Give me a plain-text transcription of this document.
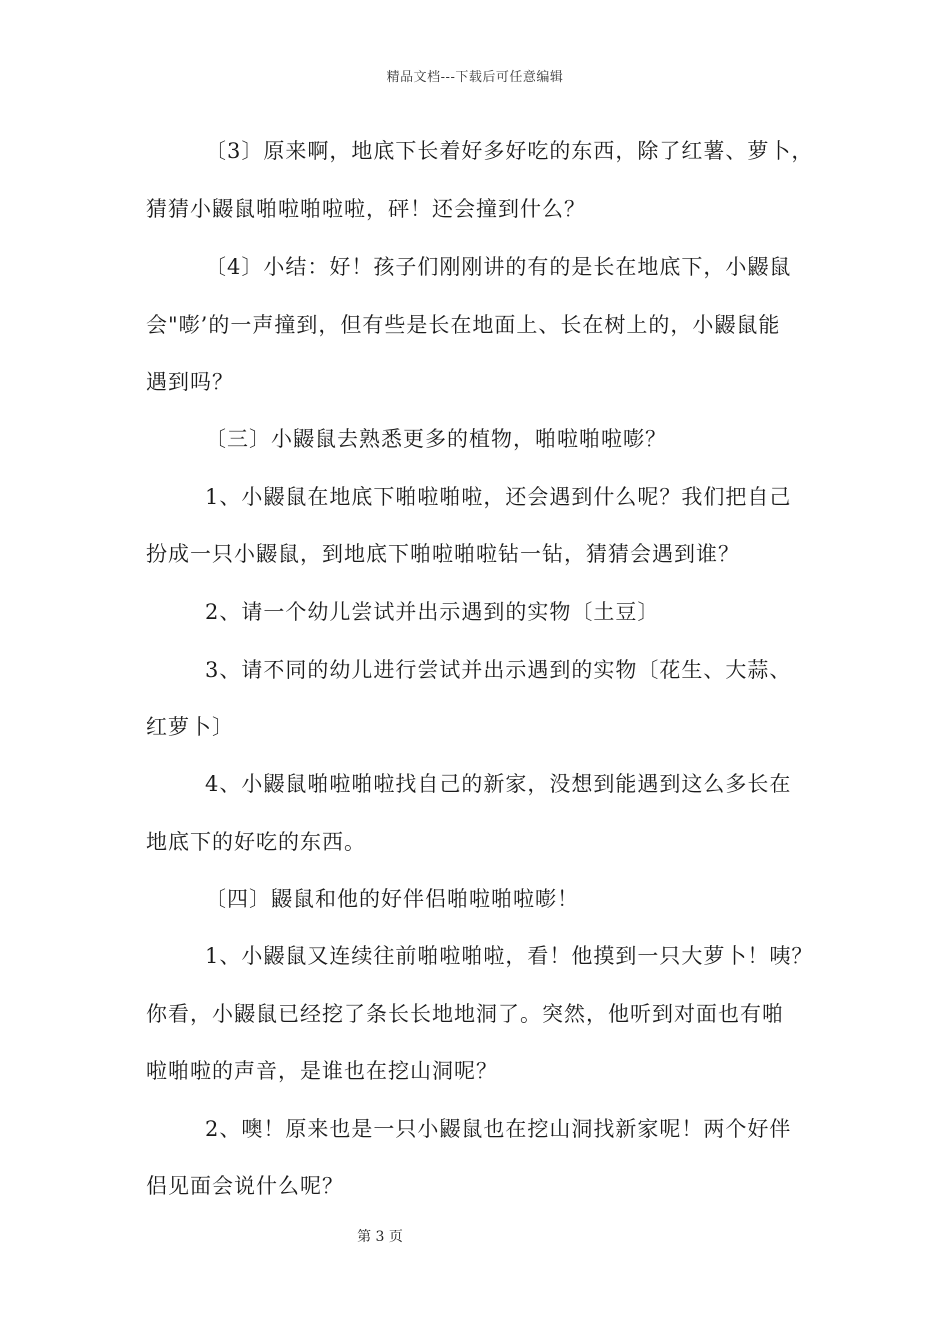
精品文档---下载后可任意编辑
〔3〕原来啊，地底下长着好多好吃的东西，除了红薯、萝卜，
猜猜小鼹鼠啪啦啪啦啦，砰！还会撞到什么？
〔4〕小结：好！孩子们刚刚讲的有的是长在地底下，小鼹鼠
会"嘭’的一声撞到，但有些是长在地面上、长在树上的，小鼹鼠能
遇到吗？
〔三〕小鼹鼠去熟悉更多的植物，啪啦啪啦嘭？
1、小鼹鼠在地底下啪啦啪啦，还会遇到什么呢？我们把自己
扮成一只小鼹鼠，到地底下啪啦啪啦钻一钻，猜猜会遇到谁？
2、请一个幼儿尝试并出示遇到的实物〔土豆〕
3、请不同的幼儿进行尝试并出示遇到的实物〔花生、大蒜、
红萝卜〕
4、小鼹鼠啪啦啪啦找自己的新家，没想到能遇到这么多长在
地底下的好吃的东西。
〔四〕鼹鼠和他的好伴侣啪啦啪啦嘭！
1、小鼹鼠又连续往前啪啦啪啦，看！他摸到一只大萝卜！咦？
你看，小鼹鼠已经挖了条长长地地洞了。突然，他听到对面也有啪
啦啪啦的声音，是谁也在挖山洞呢？
2、噢！原来也是一只小鼹鼠也在挖山洞找新家呢！两个好伴
侣见面会说什么呢？
第 3 页
